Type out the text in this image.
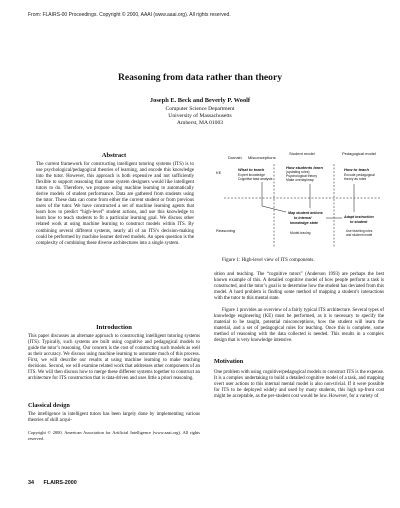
From: FLAIRS-00 Proceedings. Copyright © 2000, AAAI (www.aaai.org). All rights reserved.
Reasoning from data rather than theory
Joseph E. Beck and Beverly P. Woolf
Computer Science Department
University of Massachusetts
Amherst, MA 01003
Abstract

The current framework for constructing intelligent tutoring systems (ITS) is to use psychological/pedagogical theories of learning, and encode this knowledge into the tutor. However, this approach is both expensive and not sufficiently flexible to support reasoning that some system designers would like intelligent tutors to do. Therefore, we propose using machine learning to automatically derive models of student performance. Data are gathered from students using the tutor. These data can come from either the current student or from previous users of the tutor. We have constructed a set of machine learning agents that learn how to predict “high-level” student actions, and use this knowledge to learn how to teach students to fit a particular learning goal. We discuss other related work at using machine learning to construct models within ITS. By combining several different systems, nearly all of an ITS’s decision-making could be performed by machine learner derived models. An open question is the complexity of combining these diverse architectures into a single system.

Introduction

This paper discusses an alternate approach to constructing intelligent tutoring systems (ITS). Typically, such systems are built using cognitive and pedagogical models to guide the tutor’s reasoning. Our concern is the cost of constructing such models as well as their accuracy. We discuss using machine learning to automate much of this process. First, we will describe our results at using machine learning to make teaching decisions. Second, we will examine related work that addresses other components of an ITS. We will then discuss how to merge these different systems together to construct an architecture for ITS construction that is data-driven and uses little a priori reasoning.

Classical design

The intelligence in intelligent tutors has been largely done by implementing various theories of skill acqui-

Copyright © 2000, American Association for Artificial Intelligence (www.aaai.org). All rights reserved.

34 FLAIRS-2000
Domain Misconceptions
Student model	Pedagogical model
KE
Reasoning
What to teach
Expert knowledge
Cognitive task analysis
How students learn
(updating rules)
Psychological theory
Make overlay/map
How to teach
Encode pedagogical
theory as rules
Map student actions
to internal
knowledge state
Adapt instruction
to student
Use teaching rules
and student model
Model-tracing
Figure 1: High-level view of ITS components.

sition and teaching. The “cognitive tutors” (Anderson 1993) are perhaps the best known example of this. A detailed cognitive model of how people perform a task is constructed, and the tutor’s goal is to determine how the student has deviated from this model. A hard problem is finding some method of mapping a student’s interactions with the tutor to this mental state.

Figure 1 provides an overview of a fairly typical ITS architecture. Several types of knowledge engineering (KE) must be performed, as it is necessary to specify the material to be taught, potential misconceptions, how the student will learn the material, and a set of pedagogical rules for teaching. Once this is complete, some method of reasoning with the data collected is needed. This results in a complex design that is very knowledge intensive.

Motivation

One problem with using cognitive/pedagogical models to construct ITS is the expense. It is a complex undertaking to build a detailed cognitive model of a task, and mapping overt user actions to this internal mental model is also non-trivial. If it were possible for ITS to be deployed widely and used by many students, this high up-front cost might be acceptable, as the per-student cost would be low. However, for a variety of
